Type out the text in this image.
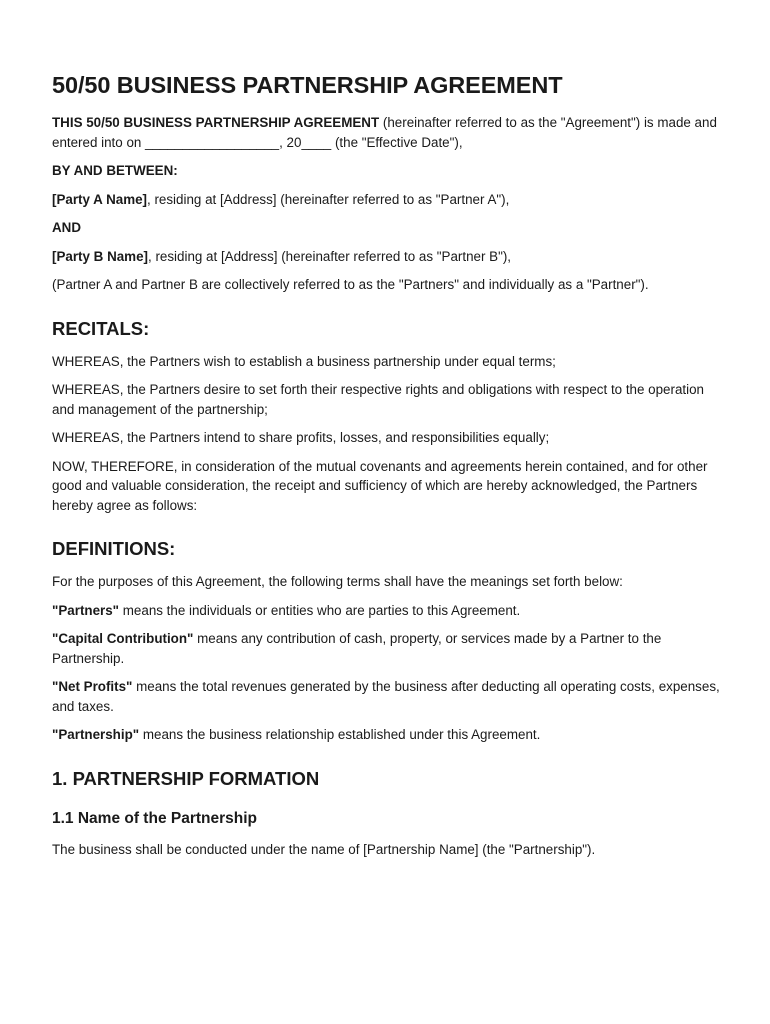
50/50 BUSINESS PARTNERSHIP AGREEMENT

THIS 50/50 BUSINESS PARTNERSHIP AGREEMENT (hereinafter referred to as the "Agreement") is made and entered into on __________________, 20____ (the "Effective Date"),

BY AND BETWEEN:

[Party A Name], residing at [Address] (hereinafter referred to as "Partner A"),

AND

[Party B Name], residing at [Address] (hereinafter referred to as "Partner B"),

(Partner A and Partner B are collectively referred to as the "Partners" and individually as a "Partner").

RECITALS:

WHEREAS, the Partners wish to establish a business partnership under equal terms;

WHEREAS, the Partners desire to set forth their respective rights and obligations with respect to the operation and management of the partnership;

WHEREAS, the Partners intend to share profits, losses, and responsibilities equally;

NOW, THEREFORE, in consideration of the mutual covenants and agreements herein contained, and for other good and valuable consideration, the receipt and sufficiency of which are hereby acknowledged, the Partners hereby agree as follows:

DEFINITIONS:

For the purposes of this Agreement, the following terms shall have the meanings set forth below:

"Partners" means the individuals or entities who are parties to this Agreement.

"Capital Contribution" means any contribution of cash, property, or services made by a Partner to the Partnership.

"Net Profits" means the total revenues generated by the business after deducting all operating costs, expenses, and taxes.

"Partnership" means the business relationship established under this Agreement.

1. PARTNERSHIP FORMATION
1.1 Name of the Partnership

The business shall be conducted under the name of [Partnership Name] (the "Partnership").
